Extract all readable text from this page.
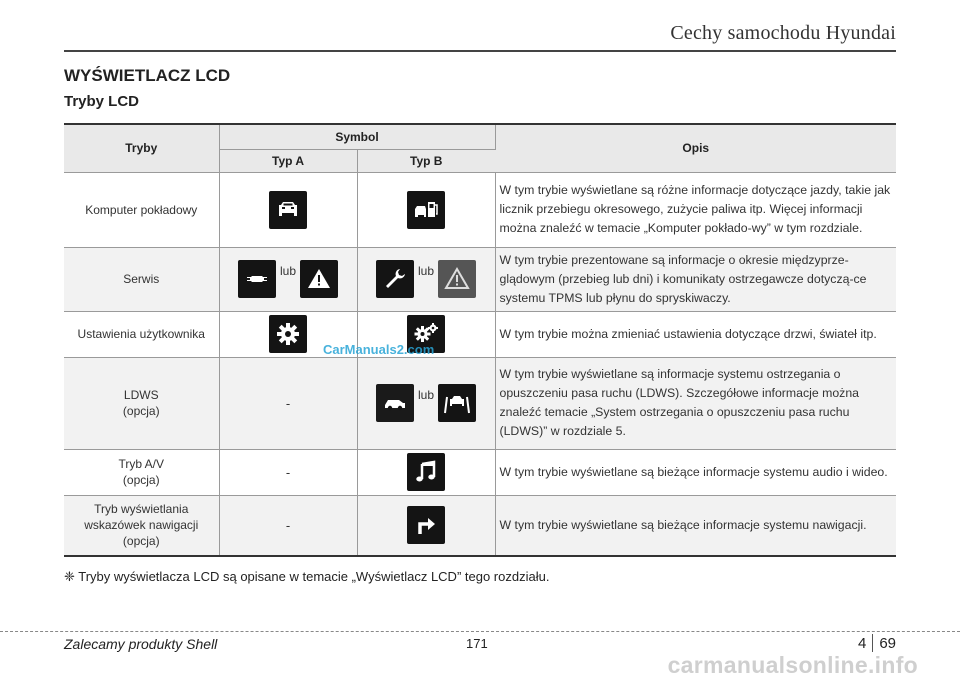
Cechy samochodu Hyundai
WYŚWIETLACZ LCD
Tryby LCD
Tryby	Symbol		Opis
	Typ A	Typ B	
Komputer pokładowy			W tym trybie wyświetlane są różne informacje dotyczące jazdy, takie jak licznik przebiegu okresowego, zużycie paliwa itp. Więcej informacji można znaleźć w temacie „Komputer pokłado-wy” w tym rozdziale.
Serwis	lub	lub	W tym trybie prezentowane są informacje o okresie międzyprze-glądowym (przebieg lub dni) i komunikaty ostrzegawcze dotyczą-ce systemu TPMS lub płynu do spryskiwaczy.
Ustawienia użytkownika			W tym trybie można zmieniać ustawienia dotyczące drzwi, świateł itp.

LDWS
(opcja)	-	lub	W tym trybie wyświetlane są informacje systemu ostrzegania o opuszczeniu pasa ruchu (LDWS). Szczegółowe informacje można znaleźć temacie „System ostrzegania o opuszczeniu pasa ruchu (LDWS)” w rozdziale 5.

Tryb A/V
(opcja)	-		W tym trybie wyświetlane są bieżące informacje systemu audio i wideo.

Tryb wyświetlania
wskazówek nawigacji
(opcja)	-		W tym trybie wyświetlane są bieżące informacje systemu nawigacji.
CarManuals2.com
❈ Tryby wyświetlacza LCD są opisane w temacie „Wyświetlacz LCD” tego rozdziału.
Zalecamy produkty Shell	171	4 69
carmanualsonline.info
